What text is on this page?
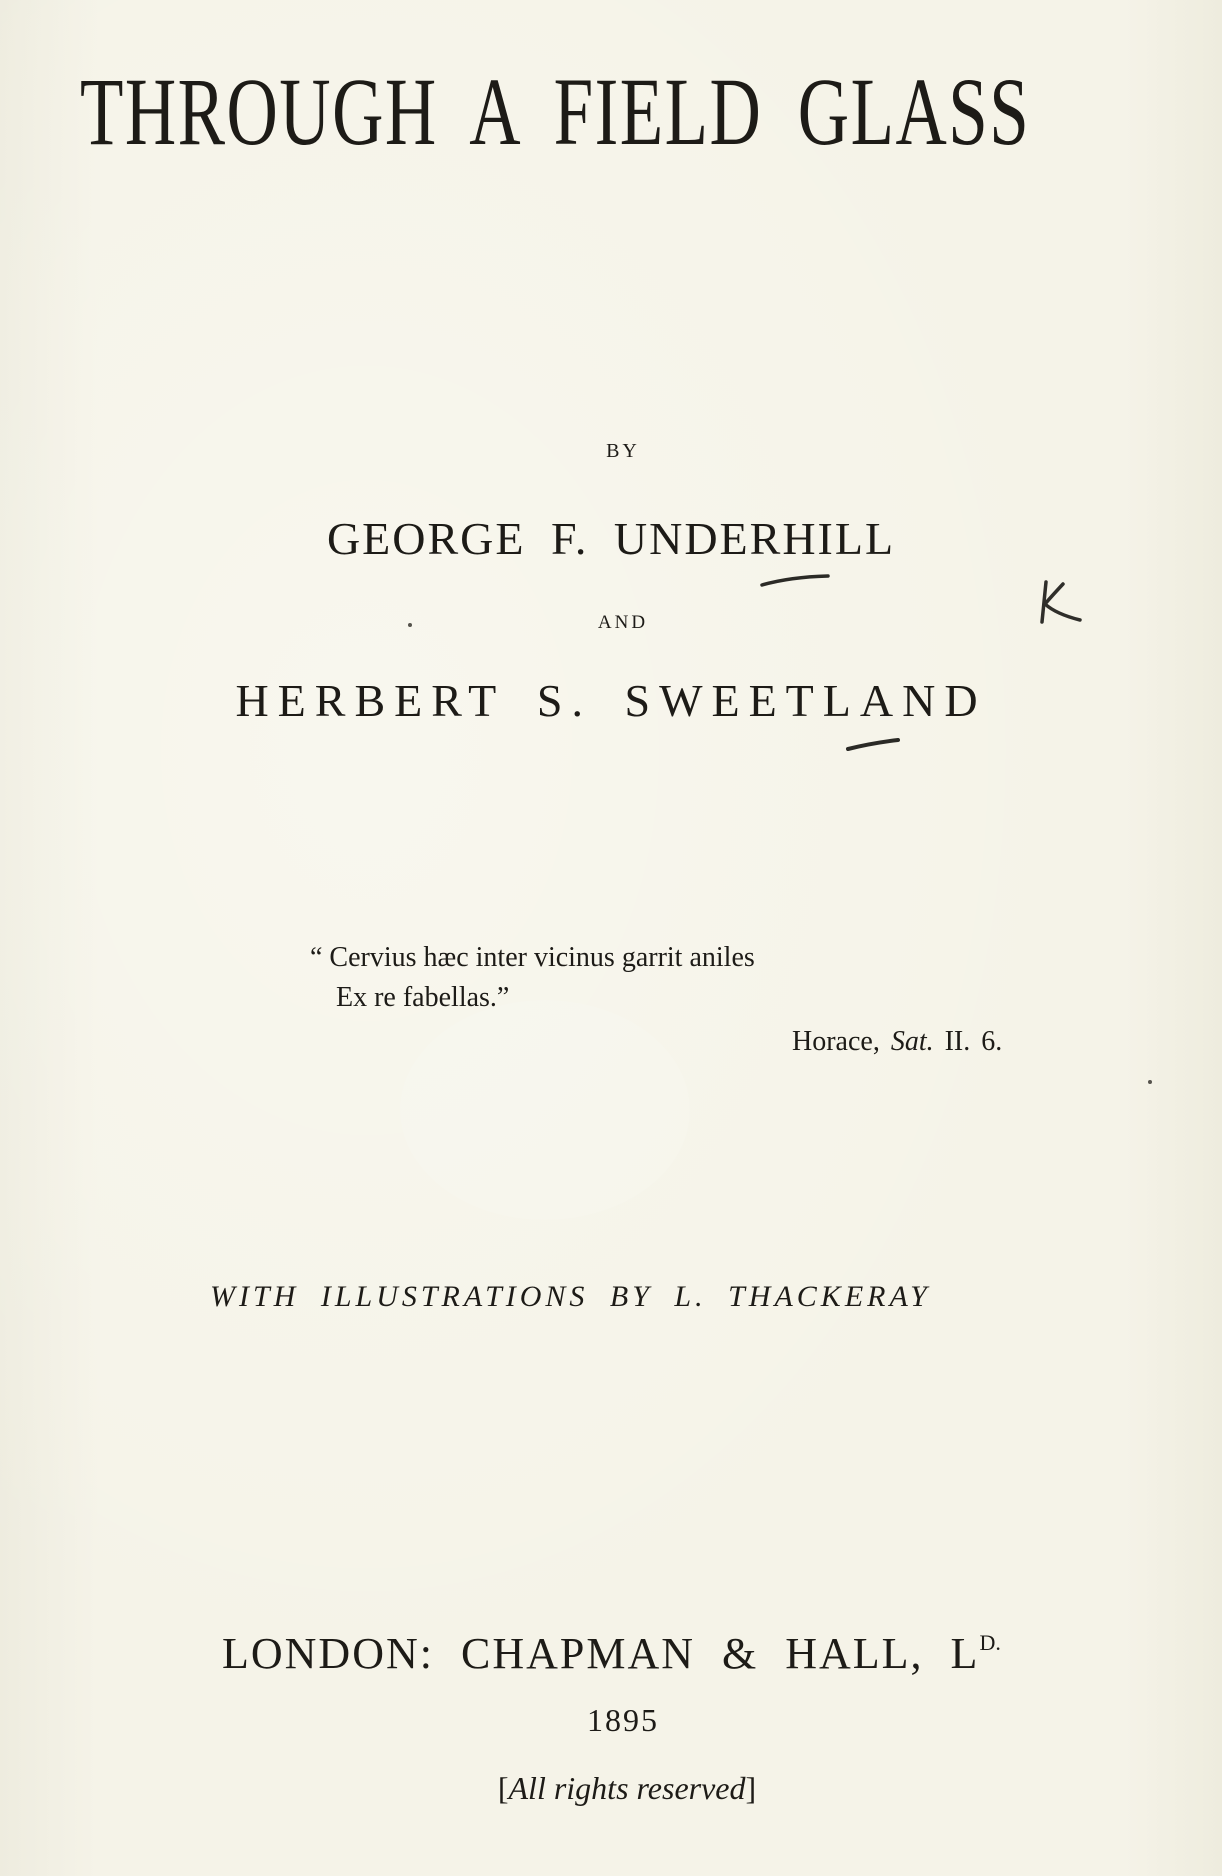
THROUGH A FIELD GLASS
BY
GEORGE F. UNDERHILL
AND
HERBERT S. SWEETLAND
“ Cervius hæc inter vicinus garrit aniles
Ex re fabellas.”
Horace, Sat. II. 6.
WITH ILLUSTRATIONS BY L. THACKERAY
LONDON: CHAPMAN & HALL, $L^{D.}$
1895
[All rights reserved]
